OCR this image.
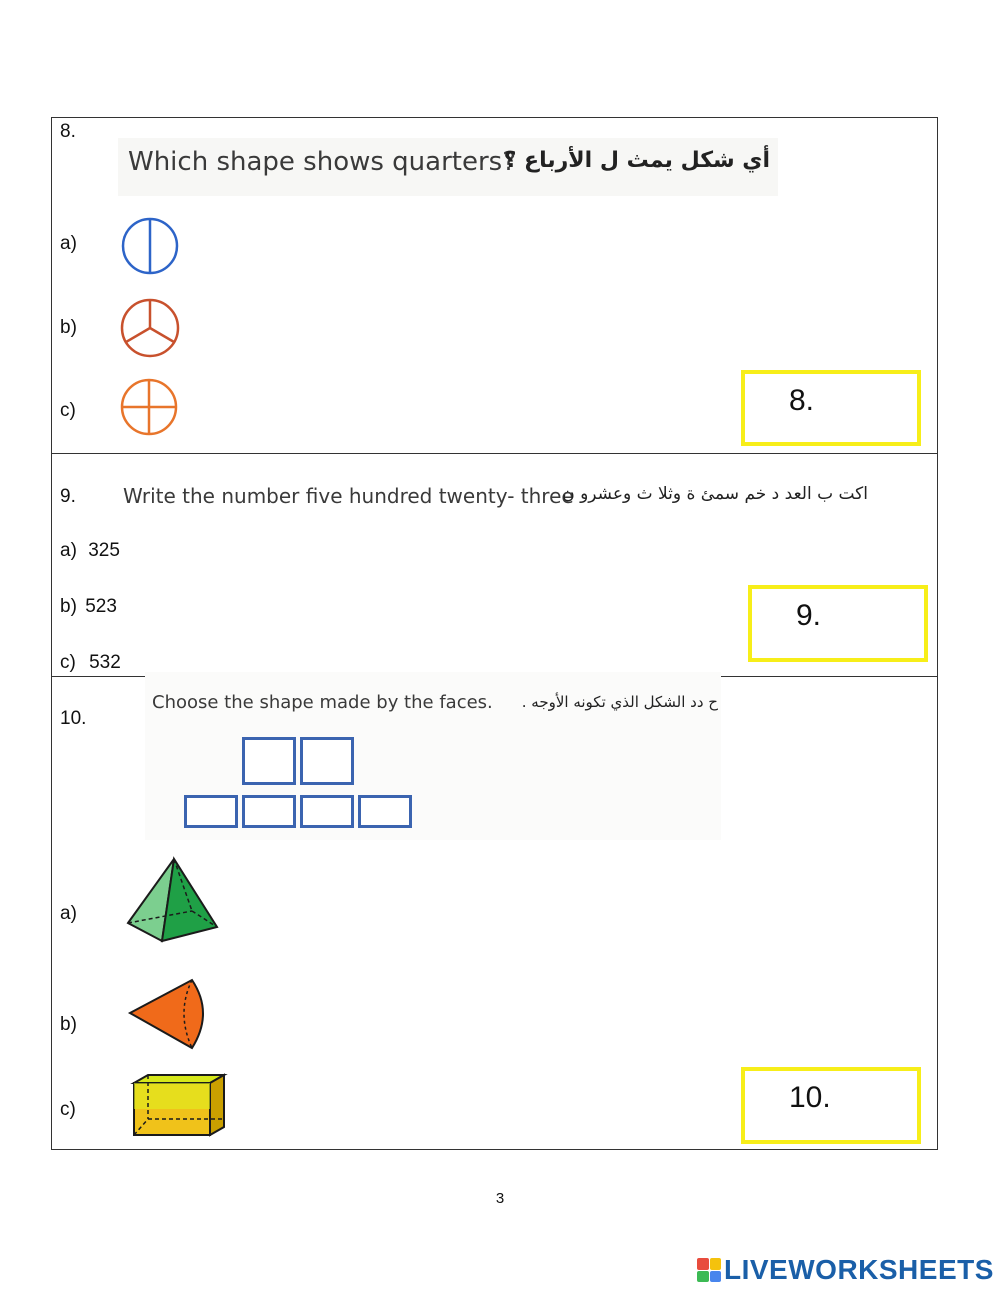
8.
Which shape shows quarters?
أي شكل يمث ل الأرباع ؟
a)
b)
c)	8.
9. Write the number five hundred twenty- three
اكت ب العد د خم سمئ ة وثلا ث وعشرو ن
a) 325
b) 523
c) 532
9.
10.
Choose the shape made by the faces.	ح دد الشكل الذي تكونه الأوجه .
a)
b)
c)	10.
3
LIVEWORKSHEETS
